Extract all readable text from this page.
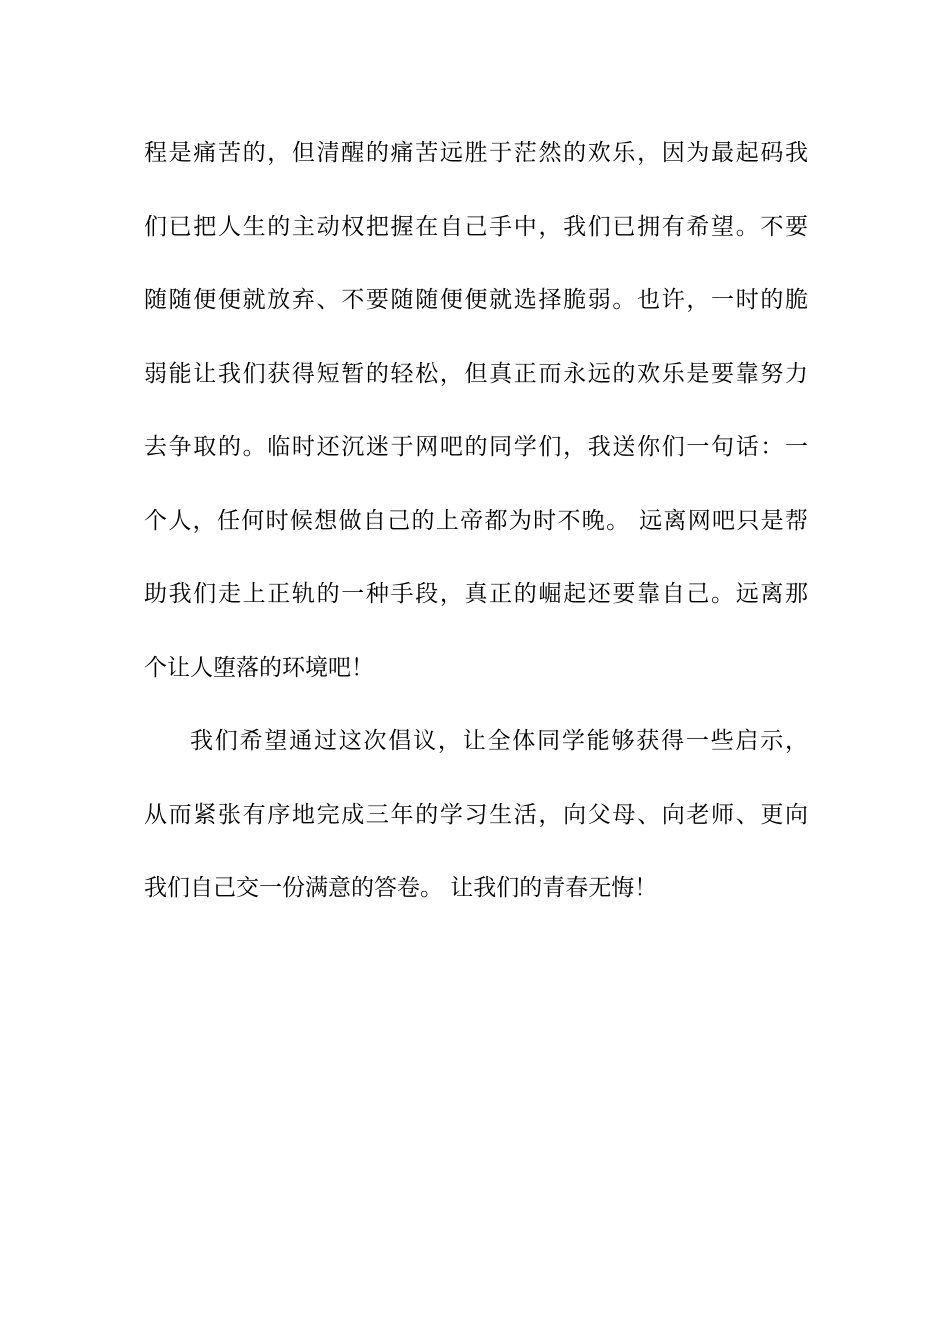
程是痛苦的，但清醒的痛苦远胜于茫然的欢乐，因为最起码我
们已把人生的主动权把握在自己手中，我们已拥有希望。不要
随随便便就放弃、不要随随便便就选择脆弱。也许，一时的脆
弱能让我们获得短暂的轻松，但真正而永远的欢乐是要靠努力
去争取的。临时还沉迷于网吧的同学们，我送你们一句话：一
个人，任何时候想做自己的上帝都为时不晚。 远离网吧只是帮
助我们走上正轨的一种手段，真正的崛起还要靠自己。远离那
个让人堕落的环境吧！
我们希望通过这次倡议，让全体同学能够获得一些启示，
从而紧张有序地完成三年的学习生活，向父母、向老师、更向
我们自己交一份满意的答卷。 让我们的青春无悔！
